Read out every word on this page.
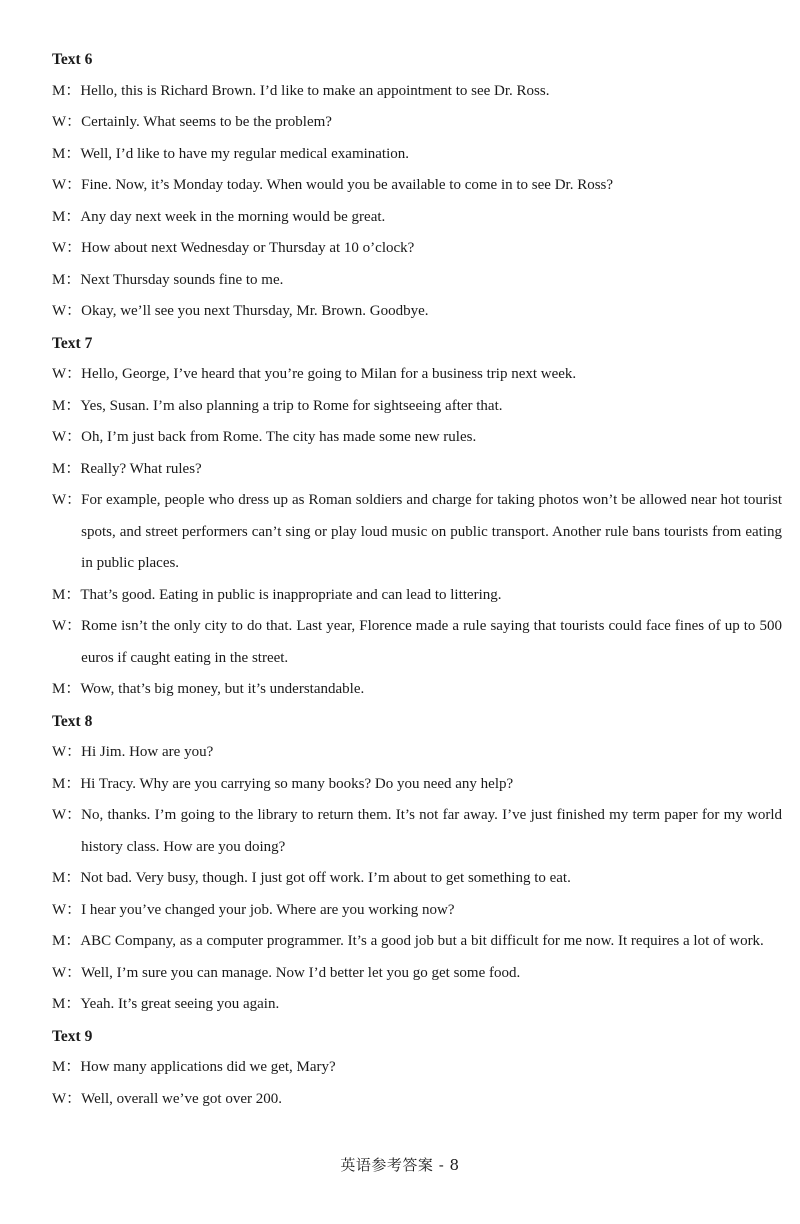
Text 6
M： Hello, this is Richard Brown. I’d like to make an appointment to see Dr. Ross.
W： Certainly. What seems to be the problem?
M： Well, I’d like to have my regular medical examination.
W： Fine. Now, it’s Monday today. When would you be available to come in to see Dr. Ross?
M： Any day next week in the morning would be great.
W： How about next Wednesday or Thursday at 10 o’clock?
M： Next Thursday sounds fine to me.
W： Okay, we’ll see you next Thursday, Mr. Brown. Goodbye.
Text 7
W： Hello, George, I’ve heard that you’re going to Milan for a business trip next week.
M： Yes, Susan. I’m also planning a trip to Rome for sightseeing after that.
W： Oh, I’m just back from Rome. The city has made some new rules.
M： Really? What rules?
W： For example, people who dress up as Roman soldiers and charge for taking photos won’t be allowed near hot tourist spots, and street performers can’t sing or play loud music on public transport. Another rule bans tourists from eating in public places.
M： That’s good. Eating in public is inappropriate and can lead to littering.
W： Rome isn’t the only city to do that. Last year, Florence made a rule saying that tourists could face fines of up to 500 euros if caught eating in the street.
M： Wow, that’s big money, but it’s understandable.
Text 8
W： Hi Jim. How are you?
M： Hi Tracy. Why are you carrying so many books? Do you need any help?
W： No, thanks. I’m going to the library to return them. It’s not far away. I’ve just finished my term paper for my world history class. How are you doing?
M： Not bad. Very busy, though. I just got off work. I’m about to get something to eat.
W： I hear you’ve changed your job. Where are you working now?
M： ABC Company, as a computer programmer. It’s a good job but a bit difficult for me now. It requires a lot of work.
W： Well, I’m sure you can manage. Now I’d better let you go get some food.
M： Yeah. It’s great seeing you again.
Text 9
M： How many applications did we get, Mary?
W： Well, overall we’ve got over 200.
英语参考答案 - 8
